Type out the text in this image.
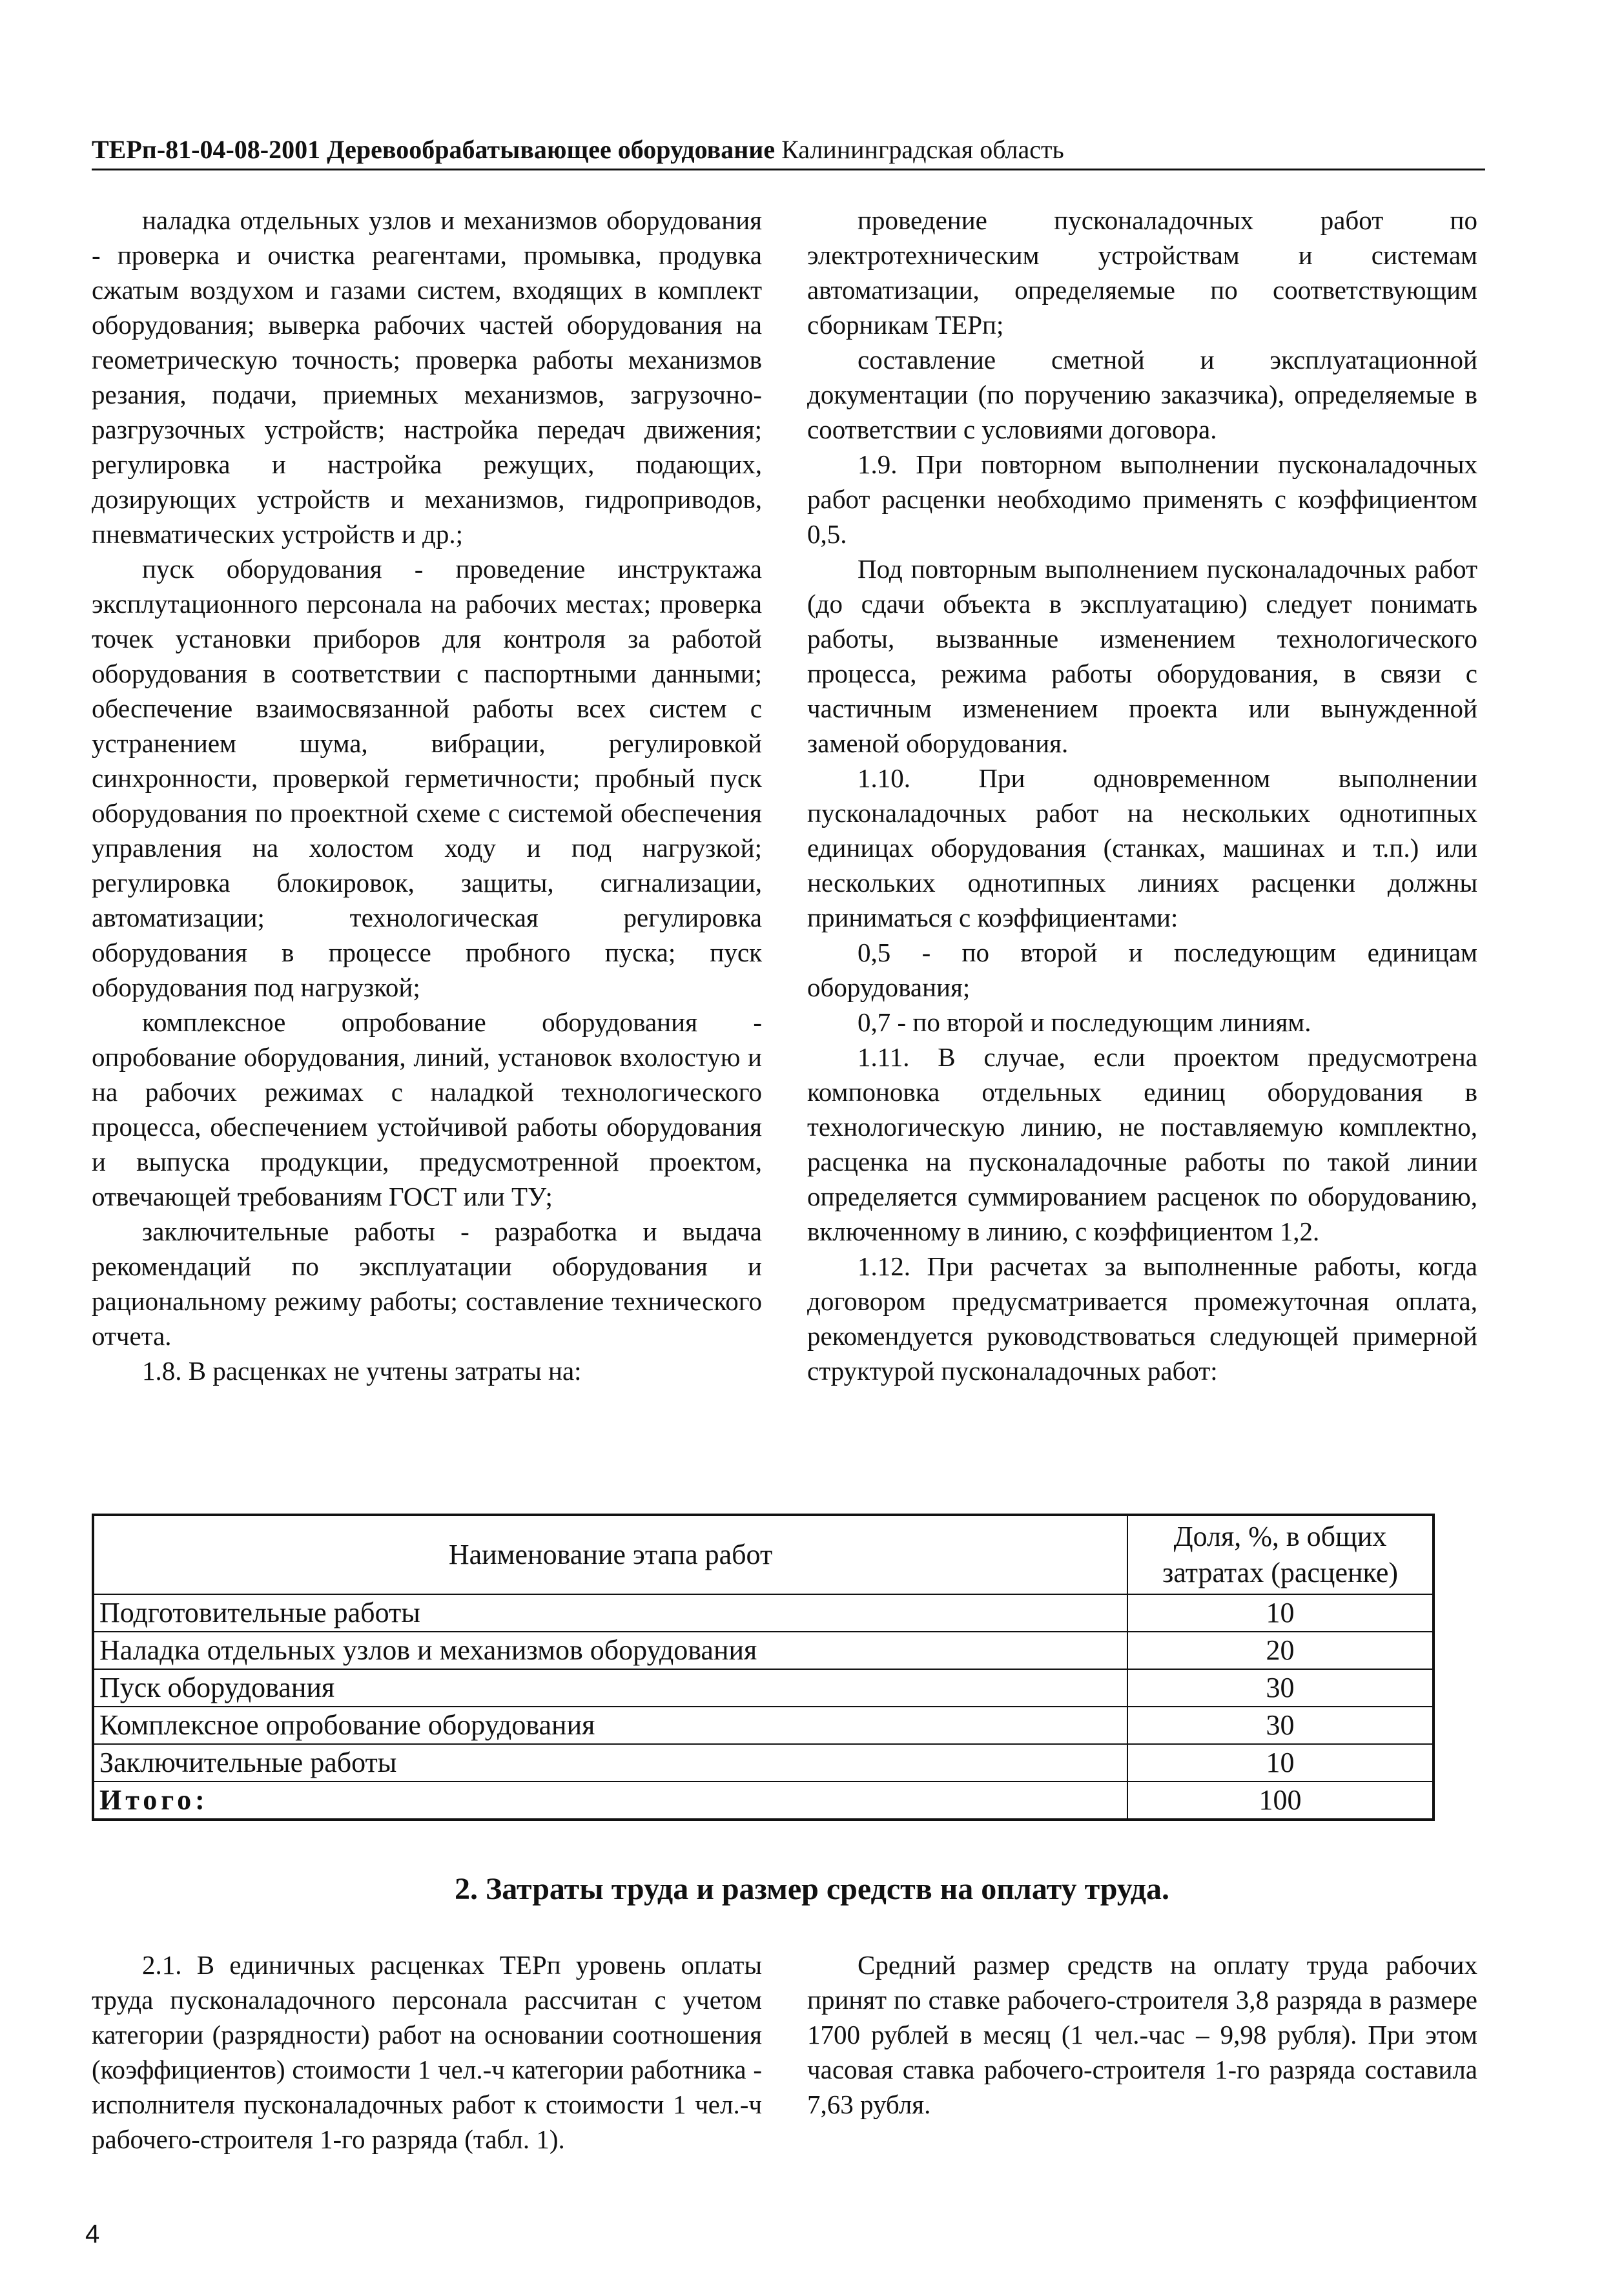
ТЕРп-81-04-08-2001 Деревообрабатывающее оборудование Калининградская область

наладка отдельных узлов и механизмов оборудования - проверка и очистка реагентами, промывка, продувка сжатым воздухом и газами систем, входящих в комплект оборудования; выверка рабочих частей оборудования на геометрическую точность; проверка работы механизмов резания, подачи, приемных механизмов, загрузочно-разгрузочных устройств; настройка передач движения; регулировка и настройка режущих, подающих, дозирующих устройств и механизмов, гидроприводов, пневматических устройств и др.;

пуск оборудования - проведение инструктажа эксплутационного персонала на рабочих местах; проверка точек установки приборов для контроля за работой оборудования в соответствии с паспортными данными; обеспечение взаимосвязанной работы всех систем с устранением шума, вибрации, регулировкой синхронности, проверкой герметичности; пробный пуск оборудования по проектной схеме с системой обеспечения управления на холостом ходу и под нагрузкой; регулировка блокировок, защиты, сигнализации, автоматизации; технологическая регулировка оборудования в процессе пробного пуска; пуск оборудования под нагрузкой;

комплексное опробование оборудования - опробование оборудования, линий, установок вхолостую и на рабочих режимах с наладкой технологического процесса, обеспечением устойчивой работы оборудования и выпуска продукции, предусмотренной проектом, отвечающей требованиям ГОСТ или ТУ;

заключительные работы - разработка и выдача рекомендаций по эксплуатации оборудования и рациональному режиму работы; составление технического отчета.

1.8. В расценках не учтены затраты на:

проведение пусконаладочных работ по электротехническим устройствам и системам автоматизации, определяемые по соответствующим сборникам ТЕРп;

составление сметной и эксплуатационной документации (по поручению заказчика), определяемые в соответствии с условиями договора.

1.9. При повторном выполнении пусконаладочных работ расценки необходимо применять с коэффициентом 0,5.

Под повторным выполнением пусконаладочных работ (до сдачи объекта в эксплуатацию) следует понимать работы, вызванные изменением технологического процесса, режима работы оборудования, в связи с частичным изменением проекта или вынужденной заменой оборудования.

1.10. При одновременном выполнении пусконаладочных работ на нескольких однотипных единицах оборудования (станках, машинах и т.п.) или нескольких однотипных линиях расценки должны приниматься с коэффициентами:

0,5 - по второй и последующим единицам оборудования;

0,7 - по второй и последующим линиям.

1.11. В случае, если проектом предусмотрена компоновка отдельных единиц оборудования в технологическую линию, не поставляемую комплектно, расценка на пусконаладочные работы по такой линии определяется суммированием расценок по оборудованию, включенному в линию, с коэффициентом 1,2.

1.12. При расчетах за выполненные работы, когда договором предусматривается промежуточная оплата, рекомендуется руководствоваться следующей примерной структурой пусконаладочных работ:

Наименование этапа работ	Доля, %, в общих затратах (расценке)
Подготовительные работы	10
Наладка отдельных узлов и механизмов оборудования	20
Пуск оборудования	30
Комплексное опробование оборудования	30
Заключительные работы	10
Итого:	100
2. Затраты труда и размер средств на оплату труда.

2.1. В единичных расценках ТЕРп уровень оплаты труда пусконаладочного персонала рассчитан с учетом категории (разрядности) работ на основании соотношения (коэффициентов) стоимости 1 чел.-ч категории работника - исполнителя пусконаладочных работ к стоимости 1 чел.-ч рабочего-строителя 1-го разряда (табл. 1).

Средний размер средств на оплату труда рабочих принят по ставке рабочего-строителя 3,8 разряда в размере 1700 рублей в месяц (1 чел.-час – 9,98 рубля). При этом часовая ставка рабочего-строителя 1-го разряда составила 7,63 рубля.

4
